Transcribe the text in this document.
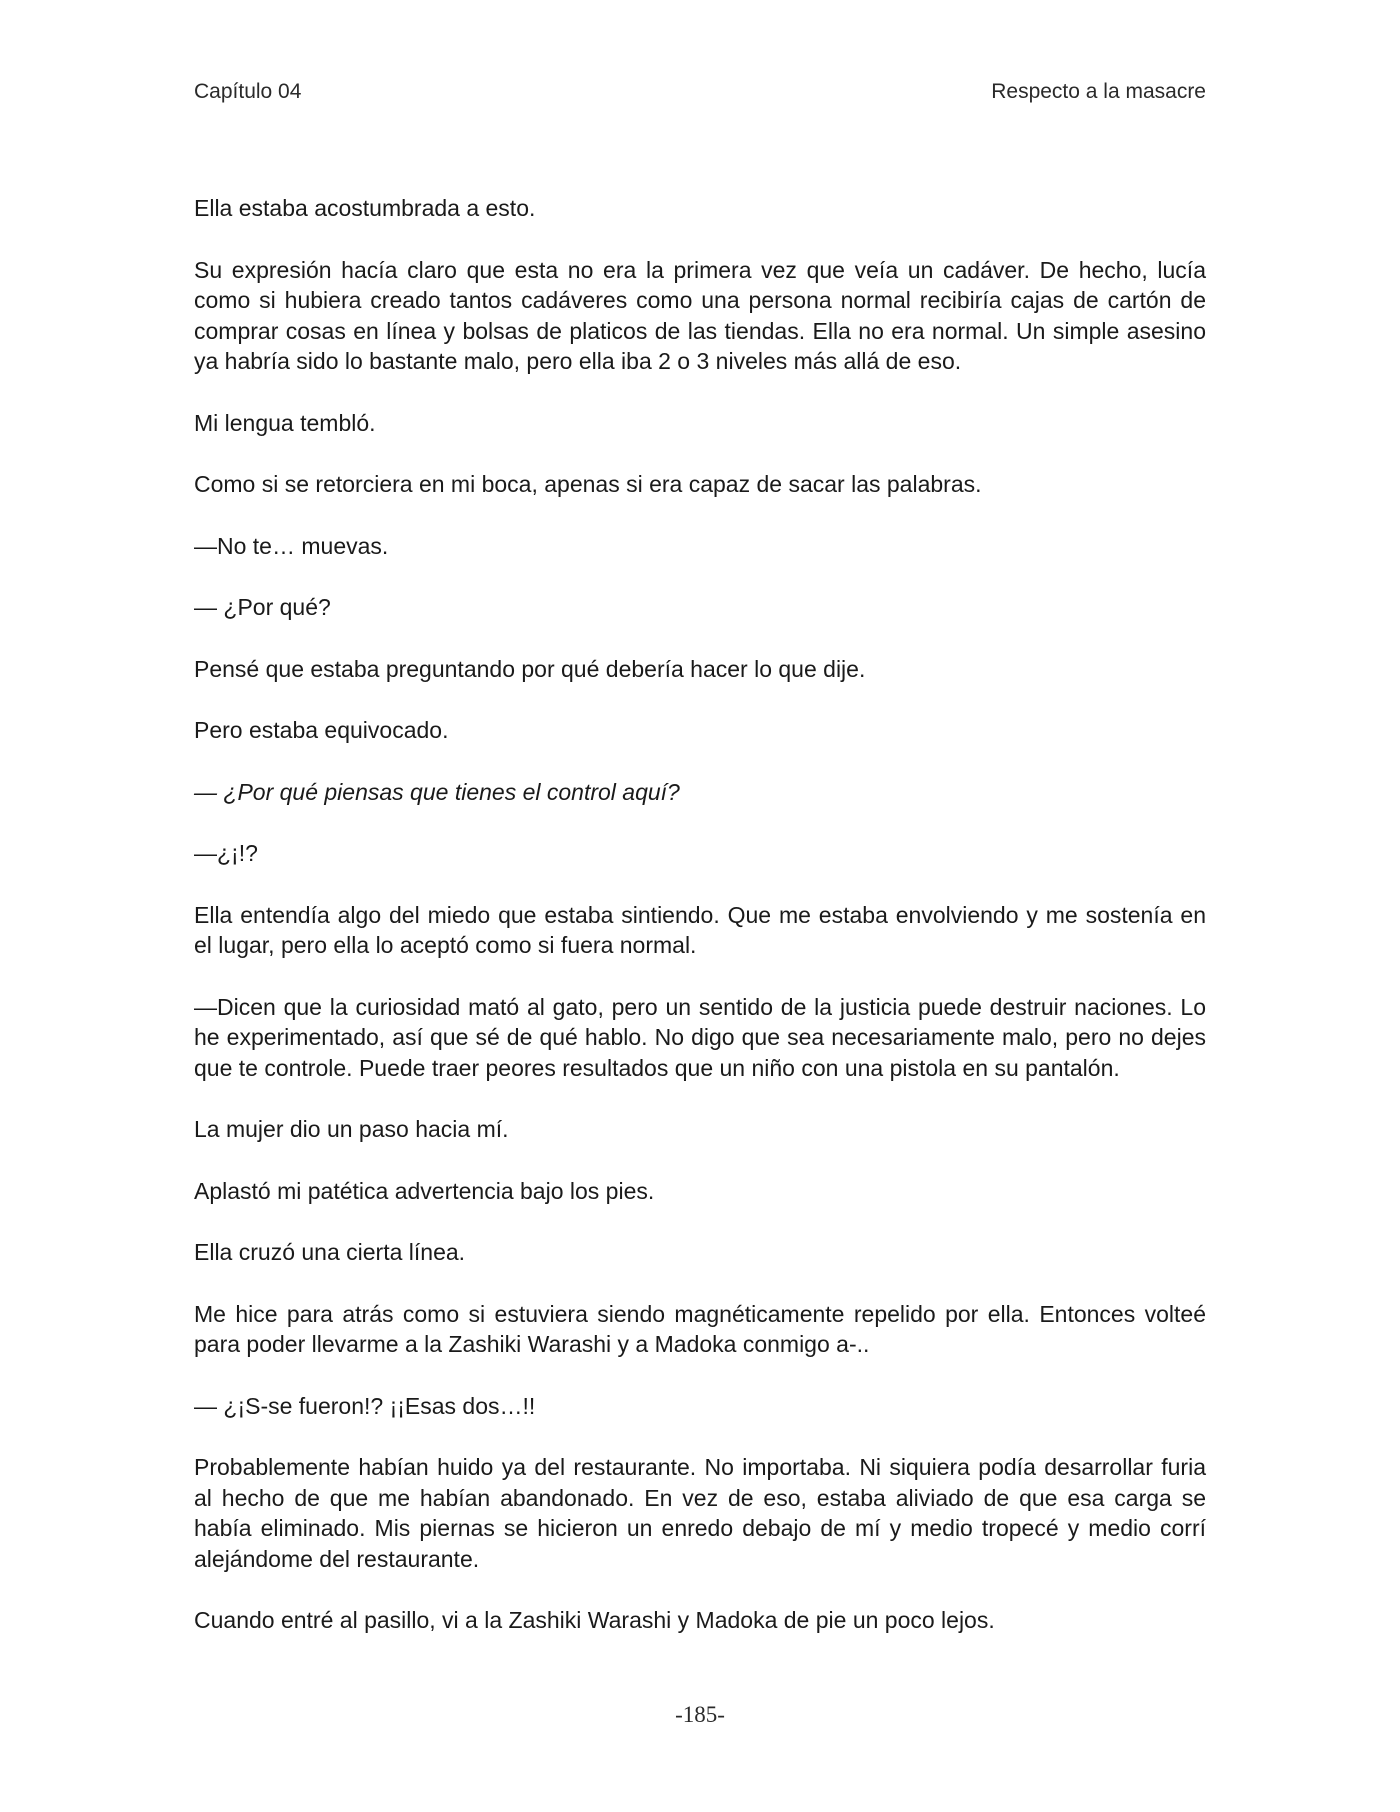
Capítulo 04	Respecto a la masacre

Ella estaba acostumbrada a esto.

Su expresión hacía claro que esta no era la primera vez que veía un cadáver. De hecho, lucía como si hubiera creado tantos cadáveres como una persona normal recibiría cajas de cartón de comprar cosas en línea y bolsas de platicos de las tiendas. Ella no era normal. Un simple asesino ya habría sido lo bastante malo, pero ella iba 2 o 3 niveles más allá de eso.

Mi lengua tembló.

Como si se retorciera en mi boca, apenas si era capaz de sacar las palabras.

—No te… muevas.

— ¿Por qué?

Pensé que estaba preguntando por qué debería hacer lo que dije.

Pero estaba equivocado.

— ¿Por qué piensas que tienes el control aquí?

—¿¡!?

Ella entendía algo del miedo que estaba sintiendo. Que me estaba envolviendo y me sostenía en el lugar, pero ella lo aceptó como si fuera normal.

—Dicen que la curiosidad mató al gato, pero un sentido de la justicia puede destruir naciones. Lo he experimentado, así que sé de qué hablo. No digo que sea necesariamente malo, pero no dejes que te controle. Puede traer peores resultados que un niño con una pistola en su pantalón.

La mujer dio un paso hacia mí.

Aplastó mi patética advertencia bajo los pies.

Ella cruzó una cierta línea.

Me hice para atrás como si estuviera siendo magnéticamente repelido por ella. Entonces volteé para poder llevarme a la Zashiki Warashi y a Madoka conmigo a-..

— ¿¡S-se fueron!? ¡¡Esas dos…!!

Probablemente habían huido ya del restaurante. No importaba. Ni siquiera podía desarrollar furia al hecho de que me habían abandonado. En vez de eso, estaba aliviado de que esa carga se había eliminado. Mis piernas se hicieron un enredo debajo de mí y medio tropecé y medio corrí alejándome del restaurante.

Cuando entré al pasillo, vi a la Zashiki Warashi y Madoka de pie un poco lejos.

-185-
